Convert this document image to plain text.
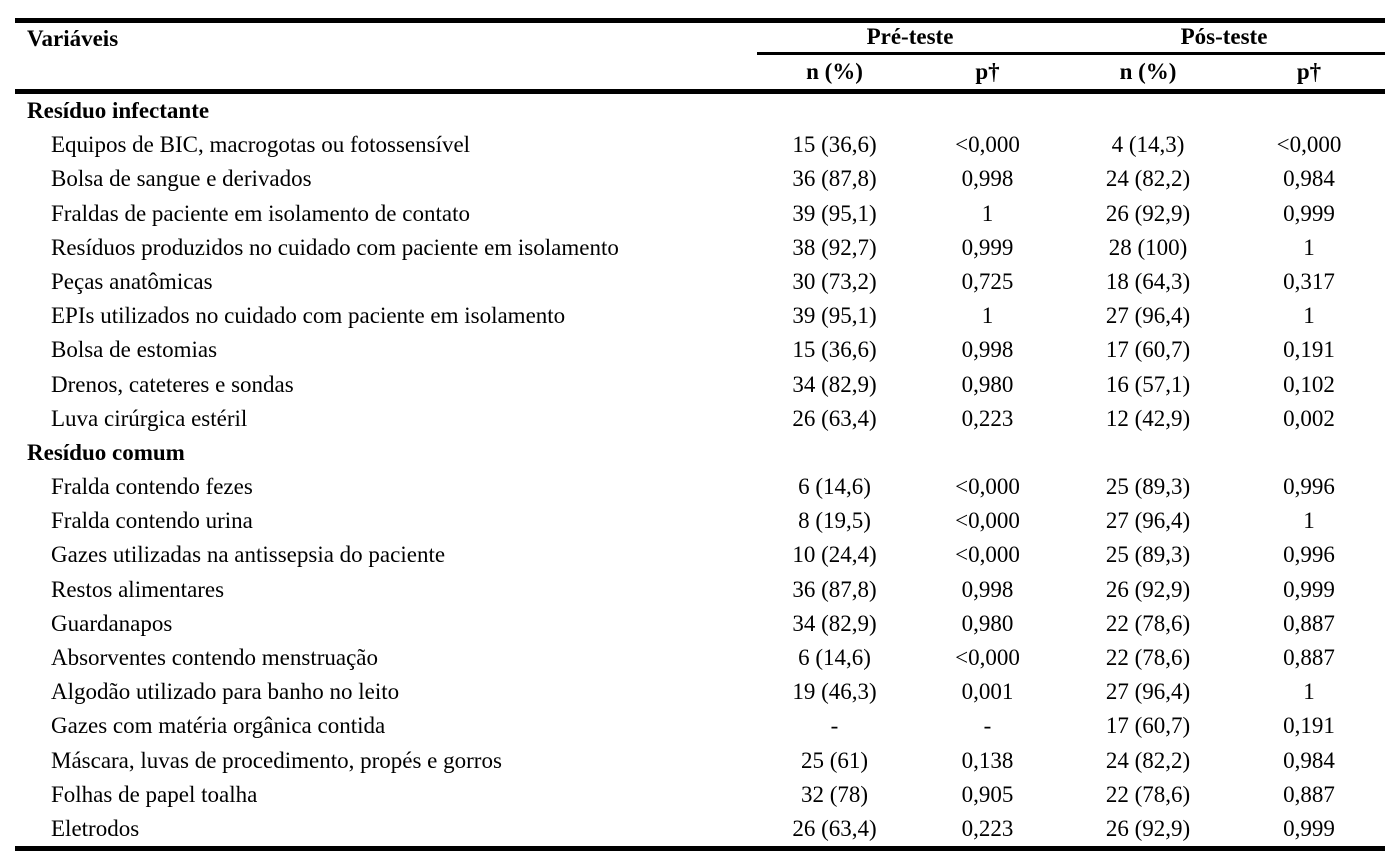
Variáveis	Pré-teste	Pós-teste
n (%)	p†	n (%)	p†
Resíduo infectante
Equipos de BIC, macrogotas ou fotossensível	15 (36,6)	<0,000	4 (14,3)	<0,000
Bolsa de sangue e derivados	36 (87,8)	0,998	24 (82,2)	0,984
Fraldas de paciente em isolamento de contato	39 (95,1)	1	26 (92,9)	0,999
Resíduos produzidos no cuidado com paciente em isolamento	38 (92,7)	0,999	28 (100)	1
Peças anatômicas	30 (73,2)	0,725	18 (64,3)	0,317
EPIs utilizados no cuidado com paciente em isolamento	39 (95,1)	1	27 (96,4)	1
Bolsa de estomias	15 (36,6)	0,998	17 (60,7)	0,191
Drenos, cateteres e sondas	34 (82,9)	0,980	16 (57,1)	0,102
Luva cirúrgica estéril	26 (63,4)	0,223	12 (42,9)	0,002
Resíduo comum
Fralda contendo fezes	6 (14,6)	<0,000	25 (89,3)	0,996
Fralda contendo urina	8 (19,5)	<0,000	27 (96,4)	1
Gazes utilizadas na antissepsia do paciente	10 (24,4)	<0,000	25 (89,3)	0,996
Restos alimentares	36 (87,8)	0,998	26 (92,9)	0,999
Guardanapos	34 (82,9)	0,980	22 (78,6)	0,887
Absorventes contendo menstruação	6 (14,6)	<0,000	22 (78,6)	0,887
Algodão utilizado para banho no leito	19 (46,3)	0,001	27 (96,4)	1
Gazes com matéria orgânica contida	-	-	17 (60,7)	0,191
Máscara, luvas de procedimento, propés e gorros	25 (61)	0,138	24 (82,2)	0,984
Folhas de papel toalha	32 (78)	0,905	22 (78,6)	0,887
Eletrodos	26 (63,4)	0,223	26 (92,9)	0,999
